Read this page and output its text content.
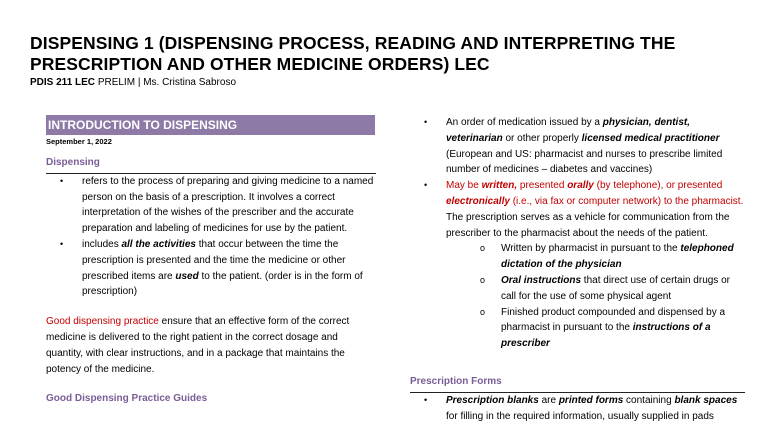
DISPENSING 1 (DISPENSING PROCESS, READING AND INTERPRETING THE PRESCRIPTION AND OTHER MEDICINE ORDERS) LEC
PDIS 211 LEC PRELIM | Ms. Cristina Sabroso
INTRODUCTION TO DISPENSING
September 1, 2022
Dispensing
• refers to the process of preparing and giving medicine to a named person on the basis of a prescription. It involves a correct interpretation of the wishes of the prescriber and the accurate preparation and labeling of medicines for use by the patient.
• includes all the activities that occur between the time the prescription is presented and the time the medicine or other prescribed items are used to the patient. (order is in the form of prescription)
Good dispensing practice ensure that an effective form of the correct medicine is delivered to the right patient in the correct dosage and quantity, with clear instructions, and in a package that maintains the potency of the medicine.
Good Dispensing Practice Guides
• An order of medication issued by a physician, dentist, veterinarian or other properly licensed medical practitioner (European and US: pharmacist and nurses to prescribe limited number of medicines – diabetes and vaccines)
• May be written, presented orally (by telephone), or presented electronically (i.e., via fax or computer network) to the pharmacist. The prescription serves as a vehicle for communication from the prescriber to the pharmacist about the needs of the patient.
o Written by pharmacist in pursuant to the telephoned dictation of the physician
o Oral instructions that direct use of certain drugs or call for the use of some physical agent
o Finished product compounded and dispensed by a pharmacist in pursuant to the instructions of a prescriber
Prescription Forms
• Prescription blanks are printed forms containing blank spaces for filling in the required information, usually supplied in pads
